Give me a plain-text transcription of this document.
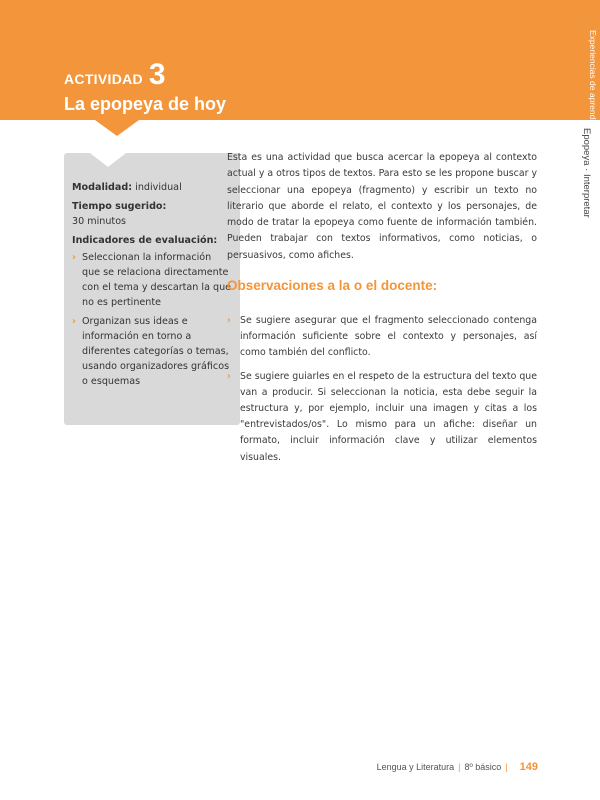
ACTIVIDAD 3
La epopeya de hoy	Experiencias de aprendizaje
Epopeya · Interpretar
Modalidad: individual
Tiempo sugerido:
30 minutos
Indicadores de evaluación:
› Seleccionan la información que se relaciona directamente con el tema y descartan la que no es pertinente
› Organizan sus ideas e información en torno a diferentes categorías o temas, usando organizadores gráficos o esquemas
Esta es una actividad que busca acercar la epopeya al contexto actual y a otros tipos de textos. Para esto se les propone buscar y seleccionar una epopeya (fragmento) y escribir un texto no literario que aborde el relato, el contexto y los personajes, de modo de tratar la epopeya como fuente de información también. Pueden trabajar con textos informativos, como noticias, o persuasivos, como afiches.
Observaciones a la o el docente:
› Se sugiere asegurar que el fragmento seleccionado contenga información suficiente sobre el contexto y personajes, así como también del conflicto.
› Se sugiere guiarles en el respeto de la estructura del texto que van a producir. Si seleccionan la noticia, esta debe seguir la estructura y, por ejemplo, incluir una imagen y citas a los "entrevistados/os". Lo mismo para un afiche: diseñar un formato, incluir información clave y utilizar elementos visuales.
Lengua y Literatura | 8º básico | 149
